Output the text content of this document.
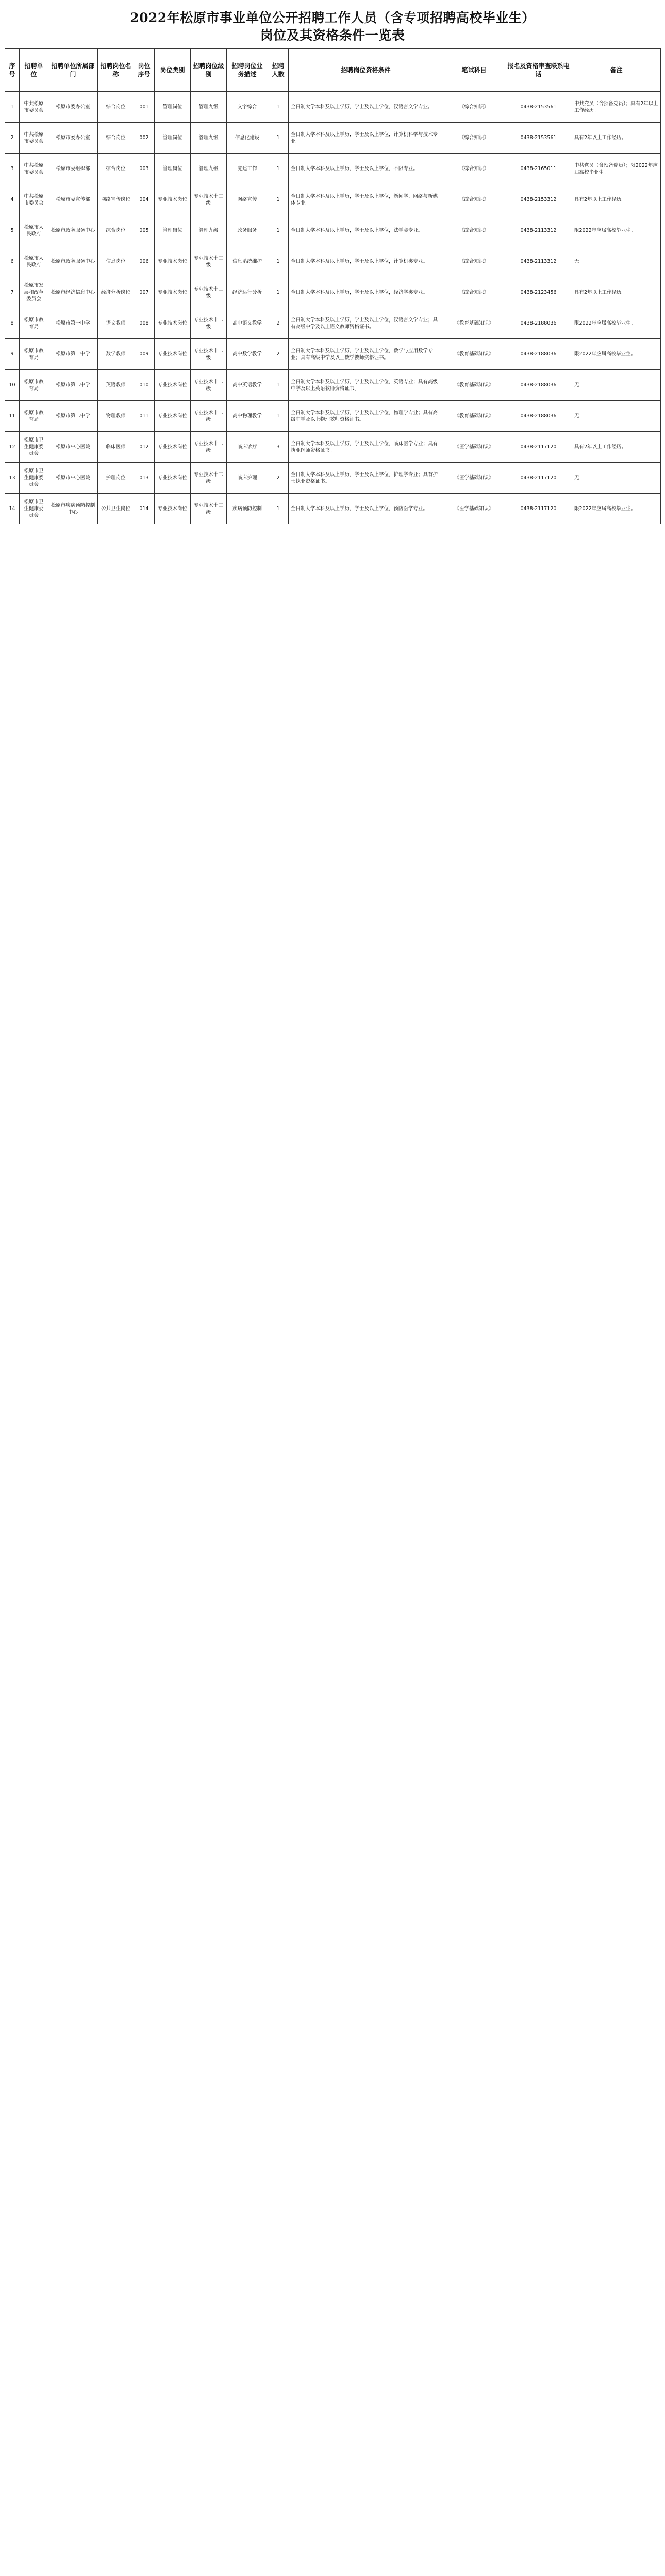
2022年松原市事业单位公开招聘工作人员（含专项招聘高校毕业生）
岗位及其资格条件一览表
序号	招聘单位	招聘单位所属部门	招聘岗位名称	岗位序号	岗位类别	招聘岗位级别	招聘岗位业务描述	招聘人数	招聘岗位资格条件	笔试科目	报名及资格审查联系电话	备注
1	中共松原市委员会	松原市委办公室	综合岗位	001	管理岗位	管理九级	文字综合	1	全日制大学本科及以上学历，学士及以上学位，汉语言文学专业。	《综合知识》	0438-2153561	中共党员（含预备党员）；具有2年以上工作经历。
2	中共松原市委员会	松原市委办公室	综合岗位	002	管理岗位	管理九级	信息化建设	1	全日制大学本科及以上学历，学士及以上学位，计算机科学与技术专业。	《综合知识》	0438-2153561	具有2年以上工作经历。
3	中共松原市委员会	松原市委组织部	综合岗位	003	管理岗位	管理九级	党建工作	1	全日制大学本科及以上学历，学士及以上学位，不限专业。	《综合知识》	0438-2165011	中共党员（含预备党员）；限2022年应届高校毕业生。
4	中共松原市委员会	松原市委宣传部	网络宣传岗位	004	专业技术岗位	专业技术十二级	网络宣传	1	全日制大学本科及以上学历，学士及以上学位，新闻学、网络与新媒体专业。	《综合知识》	0438-2153312	具有2年以上工作经历。
5	松原市人民政府	松原市政务服务中心	综合岗位	005	管理岗位	管理九级	政务服务	1	全日制大学本科及以上学历，学士及以上学位，法学类专业。	《综合知识》	0438-2113312	限2022年应届高校毕业生。
6	松原市人民政府	松原市政务服务中心	信息岗位	006	专业技术岗位	专业技术十二级	信息系统维护	1	全日制大学本科及以上学历，学士及以上学位，计算机类专业。	《综合知识》	0438-2113312	无
7	松原市发展和改革委员会	松原市经济信息中心	经济分析岗位	007	专业技术岗位	专业技术十二级	经济运行分析	1	全日制大学本科及以上学历，学士及以上学位，经济学类专业。	《综合知识》	0438-2123456	具有2年以上工作经历。
8	松原市教育局	松原市第一中学	语文教师	008	专业技术岗位	专业技术十二级	高中语文教学	2	全日制大学本科及以上学历，学士及以上学位，汉语言文学专业；具有高级中学及以上语文教师资格证书。	《教育基础知识》	0438-2188036	限2022年应届高校毕业生。
9	松原市教育局	松原市第一中学	数学教师	009	专业技术岗位	专业技术十二级	高中数学教学	2	全日制大学本科及以上学历，学士及以上学位，数学与应用数学专业；具有高级中学及以上数学教师资格证书。	《教育基础知识》	0438-2188036	限2022年应届高校毕业生。
10	松原市教育局	松原市第二中学	英语教师	010	专业技术岗位	专业技术十二级	高中英语教学	1	全日制大学本科及以上学历，学士及以上学位，英语专业；具有高级中学及以上英语教师资格证书。	《教育基础知识》	0438-2188036	无
11	松原市教育局	松原市第二中学	物理教师	011	专业技术岗位	专业技术十二级	高中物理教学	1	全日制大学本科及以上学历，学士及以上学位，物理学专业；具有高级中学及以上物理教师资格证书。	《教育基础知识》	0438-2188036	无
12	松原市卫生健康委员会	松原市中心医院	临床医师	012	专业技术岗位	专业技术十二级	临床诊疗	3	全日制大学本科及以上学历，学士及以上学位，临床医学专业；具有执业医师资格证书。	《医学基础知识》	0438-2117120	具有2年以上工作经历。
13	松原市卫生健康委员会	松原市中心医院	护理岗位	013	专业技术岗位	专业技术十二级	临床护理	2	全日制大学本科及以上学历，学士及以上学位，护理学专业；具有护士执业资格证书。	《医学基础知识》	0438-2117120	无
14	松原市卫生健康委员会	松原市疾病预防控制中心	公共卫生岗位	014	专业技术岗位	专业技术十二级	疾病预防控制	1	全日制大学本科及以上学历，学士及以上学位，预防医学专业。	《医学基础知识》	0438-2117120	限2022年应届高校毕业生。
